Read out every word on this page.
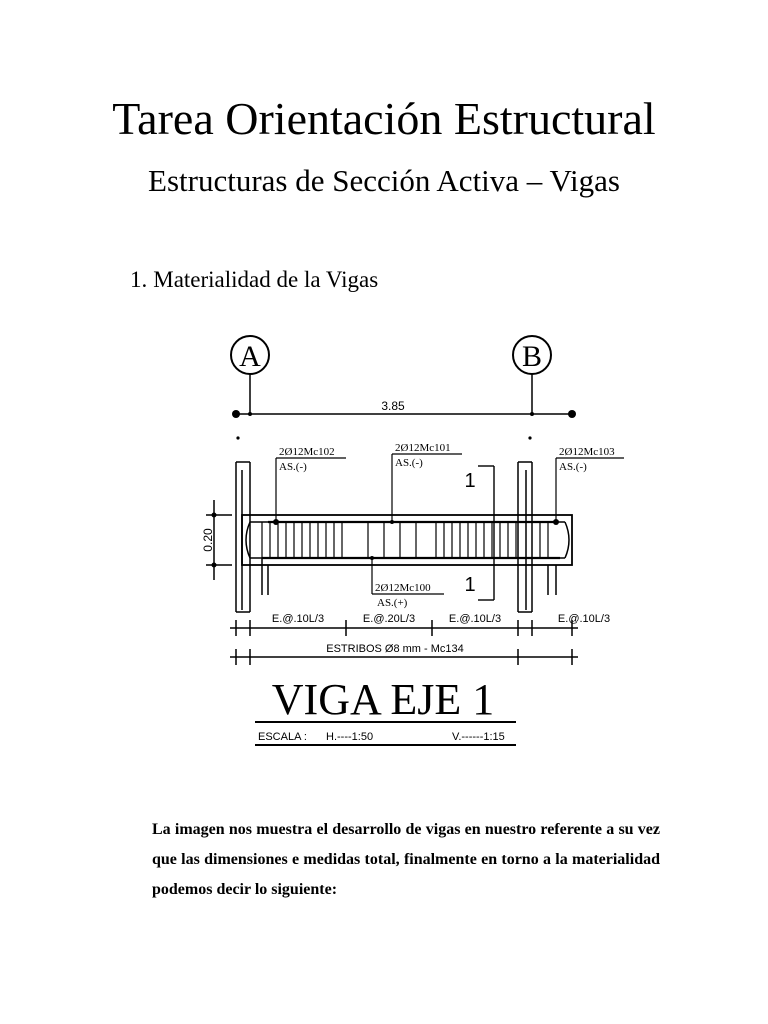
Tarea Orientación Estructural
Estructuras de Sección Activa – Vigas
1. Materialidad de la Vigas
A	B
3.85
0.20
2Ø12Mc102
AS.(-)
2Ø12Mc101
AS.(-)
2Ø12Mc103
AS.(-)
2Ø12Mc100
AS.(+)
1
1
E.@.10L/3	E.@.20L/3	E.@.10L/3	E.@.10L/3
ESTRIBOS Ø8 mm - Mc134
VIGA EJE 1
ESCALA : H.----1:50	V.------1:15

La imagen nos muestra el desarrollo de vigas en nuestro referente a su vez que las dimensiones e medidas total, finalmente en torno a la materialidad podemos decir lo siguiente:
